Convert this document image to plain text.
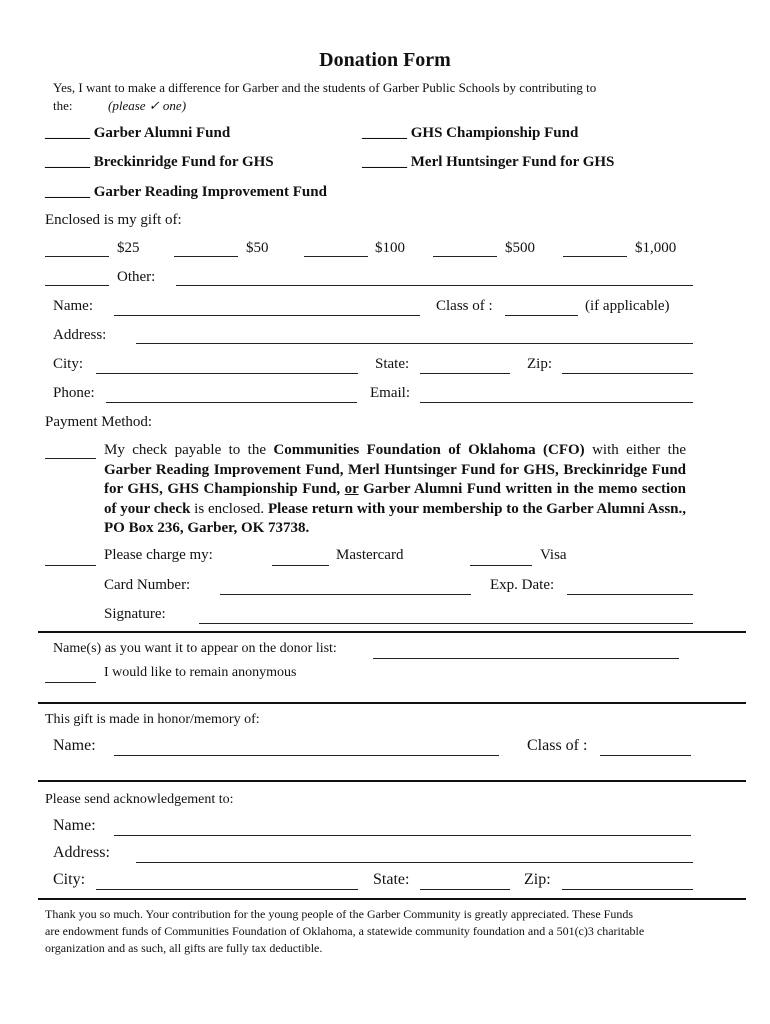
Donation Form
Yes, I want to make a difference for Garber and the students of Garber Public Schools by contributing to
the:	(please ✓ one)
______ Garber Alumni Fund	______ GHS Championship Fund
______ Breckinridge Fund for GHS	______ Merl Huntsinger Fund for GHS
______ Garber Reading Improvement Fund
Enclosed is my gift of:
$25	$50	$100	$500	$1,000
Other:
Name:	Class of :	(if applicable)
Address:
City:	State:	Zip:
Phone:	Email:
Payment Method:
My check payable to the Communities Foundation of Oklahoma (CFO) with either the Garber Reading Improvement Fund, Merl Huntsinger Fund for GHS, Breckinridge Fund for GHS, GHS Championship Fund, or Garber Alumni Fund written in the memo section of your check is enclosed. Please return with your membership to the Garber Alumni Assn., PO Box 236, Garber, OK 73738.
Please charge my:	Mastercard	Visa
Card Number:	Exp. Date:
Signature:
Name(s) as you want it to appear on the donor list:
I would like to remain anonymous
This gift is made in honor/memory of:
Name:	Class of :
Please send acknowledgement to:
Name:
Address:
City:	State:	Zip:
Thank you so much. Your contribution for the young people of the Garber Community is greatly appreciated. These Funds
are endowment funds of Communities Foundation of Oklahoma, a statewide community foundation and a 501(c)3 charitable
organization and as such, all gifts are fully tax deductible.
